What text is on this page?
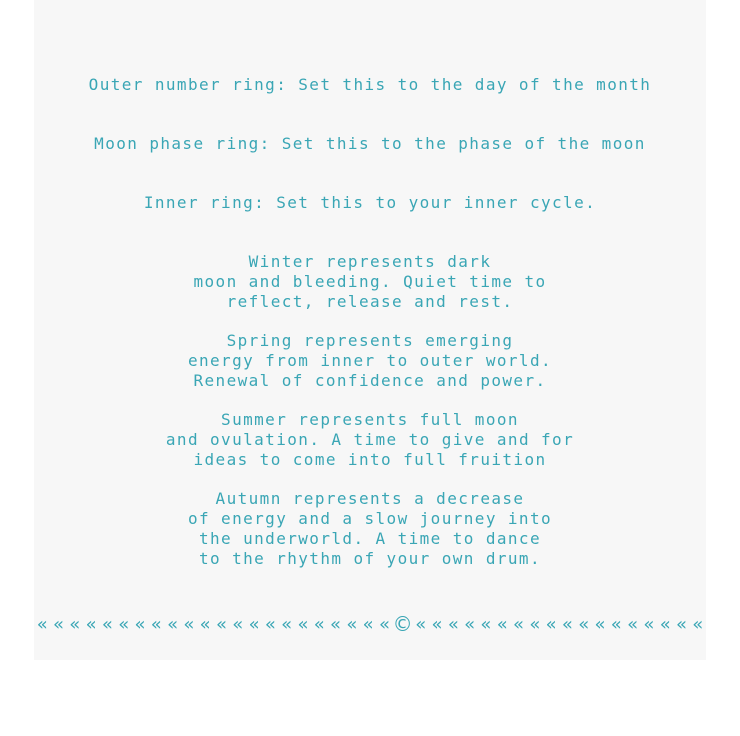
Outer number ring: Set this to the day of the month
Moon phase ring: Set this to the phase of the moon
Inner ring: Set this to your inner cycle.
Winter represents dark
moon and bleeding. Quiet time to
reflect, release and rest.
Spring represents emerging
energy from inner to outer world.
Renewal of confidence and power.
Summer represents full moon
and ovulation. A time to give and for
ideas to come into full fruition
Autumn represents a decrease
of energy and a slow journey into
the underworld. A time to dance
to the rhythm of your own drum.
« « « « « « « « « « « « « « « « « « « « « « © « « « « « « « « « « « « « « « « « «
